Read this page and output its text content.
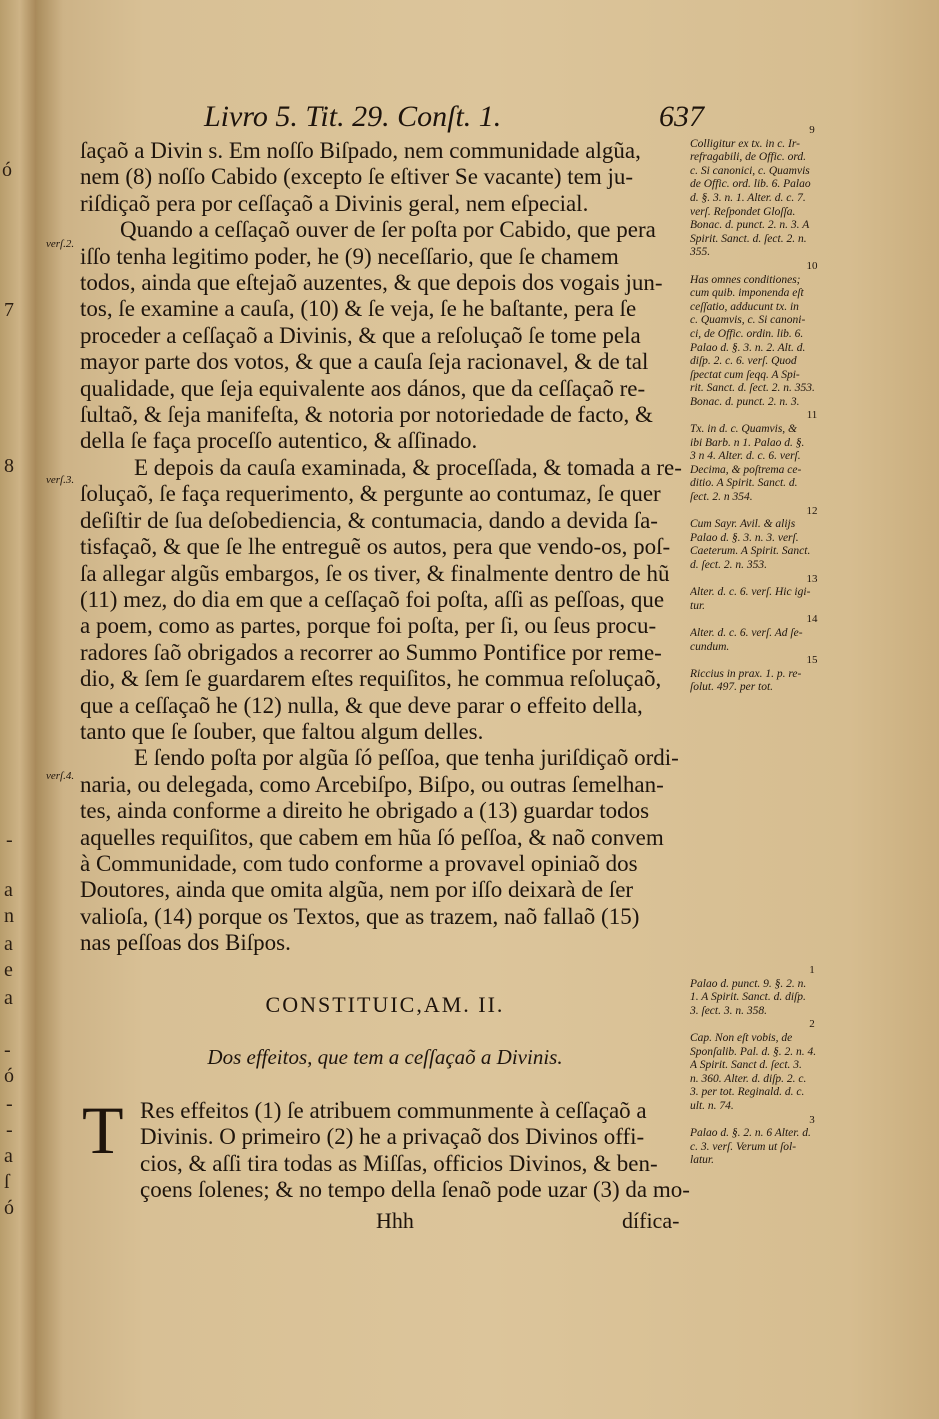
ó
7
8
-
a
n
a
e
a
-
ó
-
-
a
ſ
ó
Livro 5. Tit. 29. Conſt. 1.	637
verſ.2.
verſ.3.
verſ.4.
ſaçaõ a Divin s. Em noſſo Biſpado, nem communidade algũa,
nem (8) noſſo Cabido (excepto ſe eſtiver Se vacante) tem ju-
riſdiçaõ pera por ceſſaçaõ a Divinis geral, nem eſpecial.
Quando a ceſſaçaõ ouver de ſer poſta por Cabido, que pera
iſſo tenha legitimo poder, he (9) neceſſario, que ſe chamem
todos, ainda que eſtejaõ auzentes, & que depois dos vogais jun-
tos, ſe examine a cauſa, (10) & ſe veja, ſe he baſtante, pera ſe
proceder a ceſſaçaõ a Divinis, & que a reſoluçaõ ſe tome pela
mayor parte dos votos, & que a cauſa ſeja racionavel, & de tal
qualidade, que ſeja equivalente aos dános, que da ceſſaçaõ re-
ſultaõ, & ſeja manifeſta, & notoria por notoriedade de facto, &
della ſe faça proceſſo autentico, & aſſinado.
E depois da cauſa examinada, & proceſſada, & tomada a re-
ſoluçaõ, ſe faça requerimento, & pergunte ao contumaz, ſe quer
deſiſtir de ſua deſobediencia, & contumacia, dando a devida ſa-
tisfaçaõ, & que ſe lhe entreguẽ os autos, pera que vendo-os, poſ-
ſa allegar algũs embargos, ſe os tiver, & finalmente dentro de hũ
(11) mez, do dia em que a ceſſaçaõ foi poſta, aſſi as peſſoas, que
a poem, como as partes, porque foi poſta, per ſi, ou ſeus procu-
radores ſaõ obrigados a recorrer ao Summo Pontifice por reme-
dio, & ſem ſe guardarem eſtes requiſitos, he commua reſoluçaõ,
que a ceſſaçaõ he (12) nulla, & que deve parar o effeito della,
tanto que ſe ſouber, que faltou algum delles.
E ſendo poſta por algũa ſó peſſoa, que tenha juriſdiçaõ ordi-
naria, ou delegada, como Arcebiſpo, Biſpo, ou outras ſemelhan-
tes, ainda conforme a direito he obrigado a (13) guardar todos
aquelles requiſitos, que cabem em hũa ſó peſſoa, & naõ convem
à Communidade, com tudo conforme a provavel opiniaõ dos
Doutores, ainda que omita algũa, nem por iſſo deixarà de ſer
valioſa, (14) porque os Textos, que as trazem, naõ fallaõ (15)
nas peſſoas dos Biſpos.
CONSTITUIC,AM. II.
Dos effeitos, que tem a ceſſaçaõ a Divinis.
T Res effeitos (1) ſe atribuem communmente à ceſſaçaõ a
Divinis. O primeiro (2) he a privaçaõ dos Divinos offi-
cios, & aſſi tira todas as Miſſas, officios Divinos, & ben-
çoens ſolenes; & no tempo della ſenaõ pode uzar (3) da mo-
Hhh	dífica-
9
Colligitur ex tx. in c. Ir-
refragabili, de Offic. ord.
c. Si canonici, c. Quamvis
de Offic. ord. lib. 6. Palao
d. §. 3. n. 1. Alter. d. c. 7.
verſ. Reſpondet Gloſſa.
Bonac. d. punct. 2. n. 3. A
Spirit. Sanct. d. ſect. 2. n.
355.
10
Has omnes conditiones;
cum quib. imponenda eſt
ceſſatio, adducunt tx. in
c. Quamvis, c. Si canoni-
ci, de Offic. ordin. lib. 6.
Palao d. §. 3. n. 2. Alt. d.
diſp. 2. c. 6. verſ. Quod
ſpectat cum ſeqq. A Spi-
rit. Sanct. d. ſect. 2. n. 353.
Bonac. d. punct. 2. n. 3.
11
Tx. in d. c. Quamvis, &
ibi Barb. n 1. Palao d. §.
3 n 4. Alter. d. c. 6. verſ.
Decima, & poſtrema ce-
ditio. A Spirit. Sanct. d.
ſect. 2. n 354.
12
Cum Sayr. Avil. & alijs
Palao d. §. 3. n. 3. verſ.
Caeterum. A Spirit. Sanct.
d. ſect. 2. n. 353.
13
Alter. d. c. 6. verſ. Hic igi-
tur.
14
Alter. d. c. 6. verſ. Ad ſe-
cundum.
15
Riccius in prax. 1. p. re-
ſolut. 497. per tot.
1
Palao d. punct. 9. §. 2. n.
1. A Spirit. Sanct. d. diſp.
3. ſect. 3. n. 358.
2
Cap. Non eſt vobis, de
Sponſalib. Pal. d. §. 2. n. 4.
A Spirit. Sanct d. ſect. 3.
n. 360. Alter. d. diſp. 2. c.
3. per tot. Reginald. d. c.
ult. n. 74.
3
Palao d. §. 2. n. 6 Alter. d.
c. 3. verſ. Verum ut ſol-
latur.
